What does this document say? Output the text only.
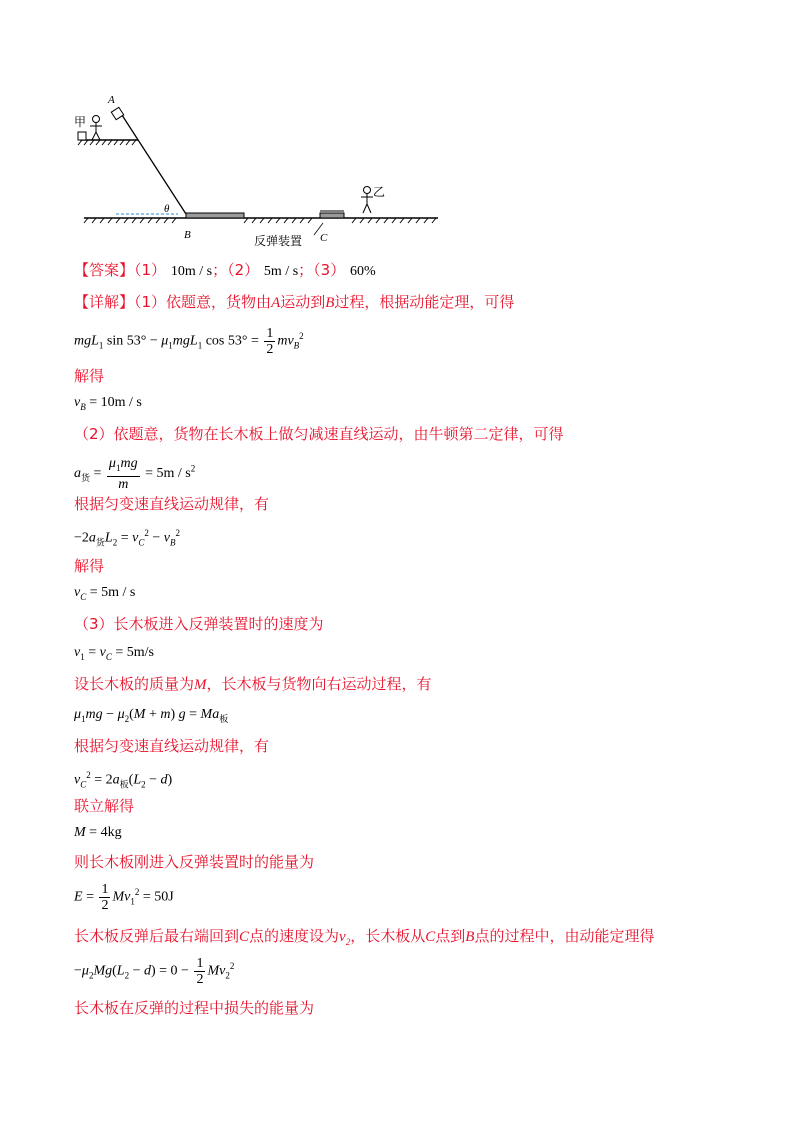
甲
A
θ
B	反弹装置 C
乙
【答案】（1） 10m / s；（2） 5m / s；（3） 60%
【详解】（1）依题意，货物由A运动到B过程，根据动能定理，可得
mgL$_1$ $\sin 53^\circ - \mu_1mgL_1$ $\cos 53^\circ = \frac{1}{2} mv_B^2$
解得
$v_B = 10m / s$
（2）依题意，货物在长木板上做匀减速直线运动，由牛顿第二定律，可得
$a_货 = \frac{\mu_1mg}{m} = 5m / s^2$
根据匀变速直线运动规律，有
$-2a_货L_2 = v_C^2 - v_B^2$
解得
$v_C = 5m / s$
（3）长木板进入反弹装置时的速度为
$v_1 = v_C = 5m/s$
设长木板的质量为M，长木板与货物向右运动过程，有
$\mu_1mg - \mu_2(M + m) g = Ma_板$
根据匀变速直线运动规律，有
$v_C^2 = 2a_板(L_2 - d)$
联立解得
M = 4kg
则长木板刚进入反弹装置时的能量为
$E = \frac{1}{2} Mv_1^2 = 50J$
长木板反弹后最右端回到C点的速度设为$v_2$，长木板从C点到B点的过程中，由动能定理得
$-\mu_2Mg(L_2 - d) = 0 - \frac{1}{2} Mv_2^2$
长木板在反弹的过程中损失的能量为
